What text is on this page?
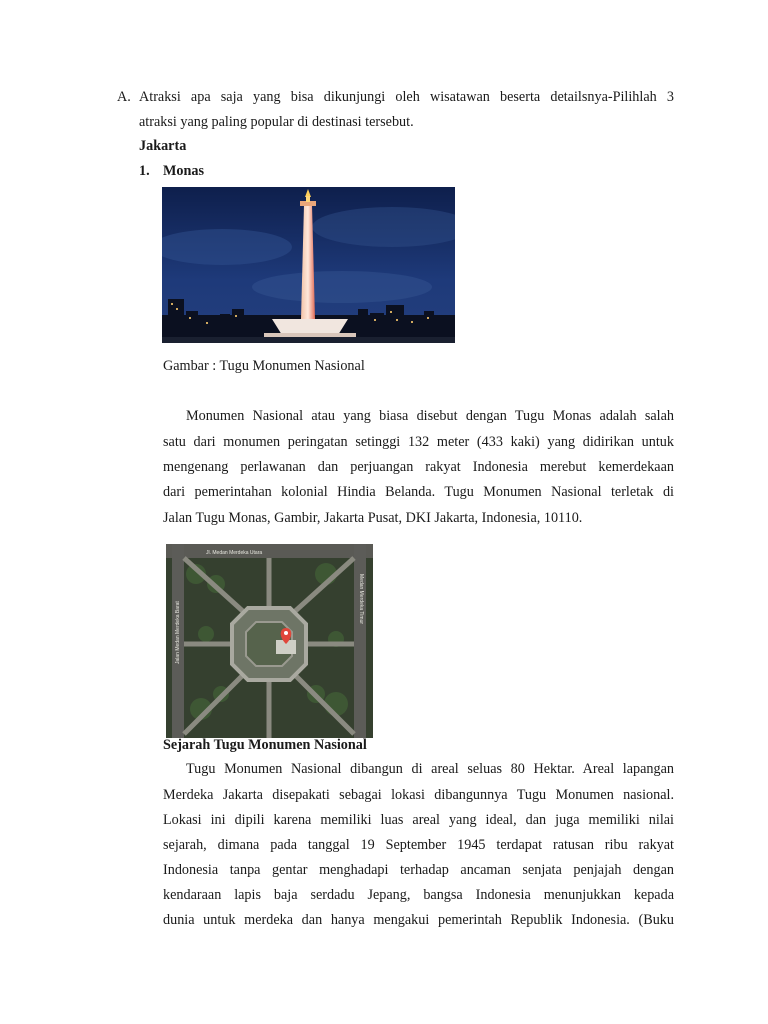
A. Atraksi apa saja yang bisa dikunjungi oleh wisatawan beserta detailsnya-Pilihlah 3
atraksi yang paling popular di destinasi tersebut.
Jakarta
1. Monas
Gambar : Tugu Monumen Nasional
Monumen Nasional atau yang biasa disebut dengan Tugu Monas adalah salah
satu dari monumen peringatan setinggi 132 meter (433 kaki) yang didirikan untuk
mengenang perlawanan dan perjuangan rakyat Indonesia merebut kemerdekaan
dari pemerintahan kolonial Hindia Belanda. Tugu Monumen Nasional terletak di
Jalan Tugu Monas, Gambir, Jakarta Pusat, DKI Jakarta, Indonesia, 10110.
Jl. Medan Merdeka Utara
Jalan Medan Merdeka Barat
Medan Merdeka Timur
Sejarah Tugu Monumen Nasional
Tugu Monumen Nasional dibangun di areal seluas 80 Hektar. Areal lapangan
Merdeka Jakarta disepakati sebagai lokasi dibangunnya Tugu Monumen nasional.
Lokasi ini dipili karena memiliki luas areal yang ideal, dan juga memiliki nilai
sejarah, dimana pada tanggal 19 September 1945 terdapat ratusan ribu rakyat
Indonesia tanpa gentar menghadapi terhadap ancaman senjata penjajah dengan
kendaraan lapis baja serdadu Jepang, bangsa Indonesia menunjukkan kepada
dunia untuk merdeka dan hanya mengakui pemerintah Republik Indonesia. (Buku
